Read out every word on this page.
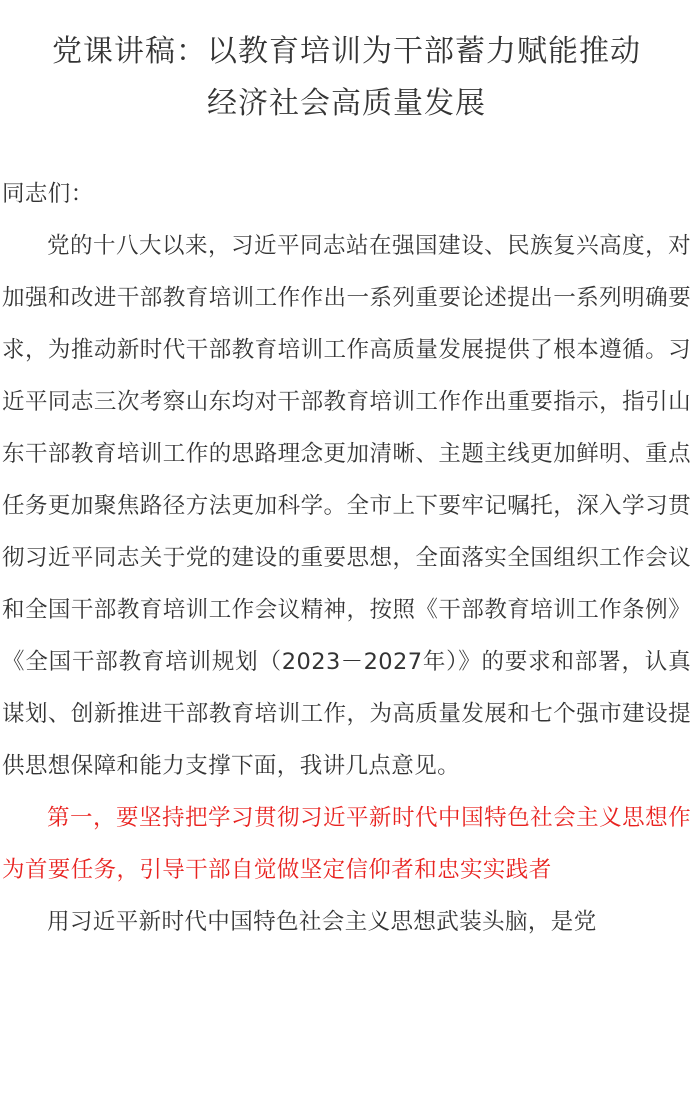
党课讲稿：以教育培训为干部蓄力赋能推动
经济社会高质量发展

同志们：

党的十八大以来，习近平同志站在强国建设、民族复兴高度，对加强和改进干部教育培训工作作出一系列重要论述提出一系列明确要求，为推动新时代干部教育培训工作高质量发展提供了根本遵循。习近平同志三次考察山东均对干部教育培训工作作出重要指示，指引山东干部教育培训工作的思路理念更加清晰、主题主线更加鲜明、重点任务更加聚焦路径方法更加科学。全市上下要牢记嘱托，深入学习贯彻习近平同志关于党的建设的重要思想，全面落实全国组织工作会议和全国干部教育培训工作会议精神，按照《干部教育培训工作条例》《全国干部教育培训规划（2023－2027年）》的要求和部署，认真谋划、创新推进干部教育培训工作，为高质量发展和七个强市建设提供思想保障和能力支撑下面，我讲几点意见。

第一，要坚持把学习贯彻习近平新时代中国特色社会主义思想作为首要任务，引导干部自觉做坚定信仰者和忠实实践者

用习近平新时代中国特色社会主义思想武装头脑，是党
